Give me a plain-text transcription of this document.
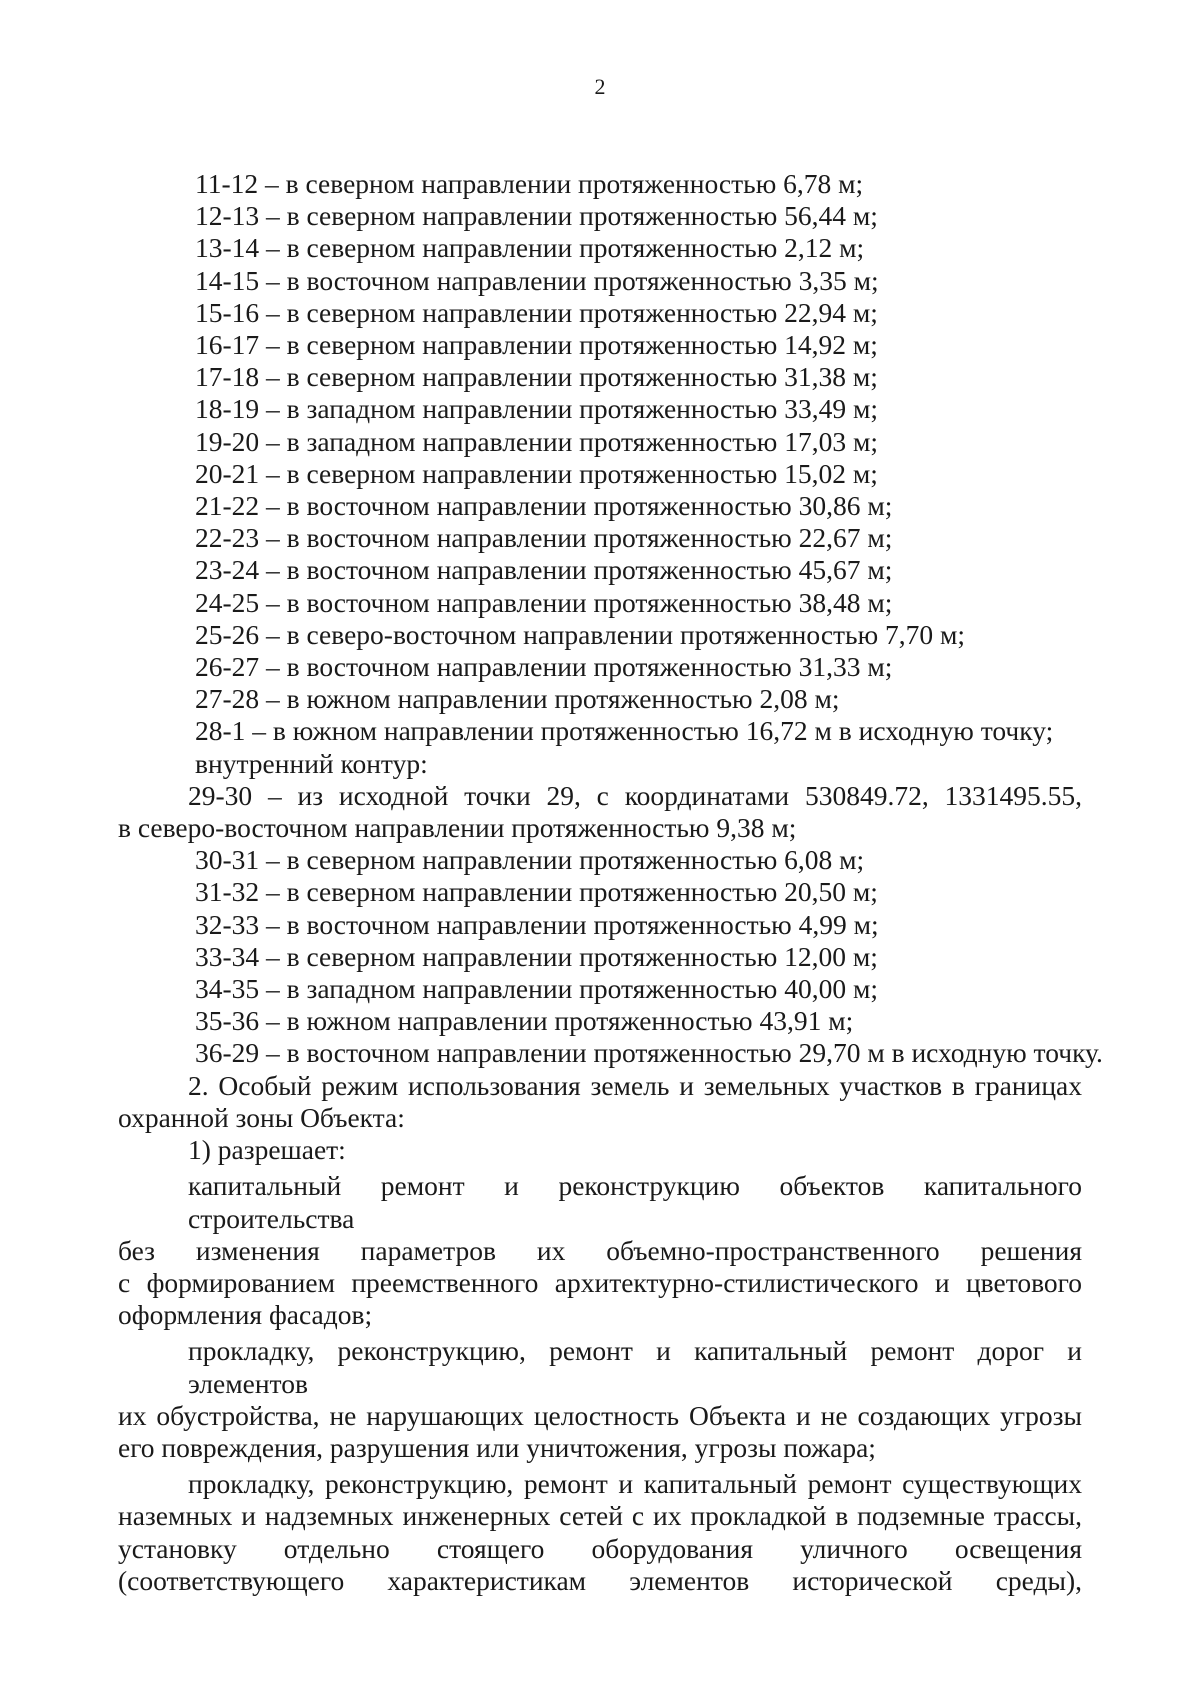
2
11-12 – в северном направлении протяженностью 6,78 м;
12-13 – в северном направлении протяженностью 56,44 м;
13-14 – в северном направлении протяженностью 2,12 м;
14-15 – в восточном направлении протяженностью 3,35 м;
15-16 – в северном направлении протяженностью 22,94 м;
16-17 – в северном направлении протяженностью 14,92 м;
17-18 – в северном направлении протяженностью 31,38 м;
18-19 – в западном направлении протяженностью 33,49 м;
19-20 – в западном направлении протяженностью 17,03 м;
20-21 – в северном направлении протяженностью 15,02 м;
21-22 – в восточном направлении протяженностью 30,86 м;
22-23 – в восточном направлении протяженностью 22,67 м;
23-24 – в восточном направлении протяженностью 45,67 м;
24-25 – в восточном направлении протяженностью 38,48 м;
25-26 – в северо-восточном направлении протяженностью 7,70 м;
26-27 – в восточном направлении протяженностью 31,33 м;
27-28 – в южном направлении протяженностью 2,08 м;
28-1 – в южном направлении протяженностью 16,72 м в исходную точку;
внутренний контур:
29-30 – из исходной точки 29, с координатами 530849.72, 1331495.55,
в северо-восточном направлении протяженностью 9,38 м;
30-31 – в северном направлении протяженностью 6,08 м;
31-32 – в северном направлении протяженностью 20,50 м;
32-33 – в восточном направлении протяженностью 4,99 м;
33-34 – в северном направлении протяженностью 12,00 м;
34-35 – в западном направлении протяженностью 40,00 м;
35-36 – в южном направлении протяженностью 43,91 м;
36-29 – в восточном направлении протяженностью 29,70 м в исходную точку.
2. Особый режим использования земель и земельных участков в границах
охранной зоны Объекта:
1) разрешает:
капитальный ремонт и реконструкцию объектов капитального строительства
без изменения параметров их объемно-пространственного решения
с формированием преемственного архитектурно-стилистического и цветового
оформления фасадов;
прокладку, реконструкцию, ремонт и капитальный ремонт дорог и элементов
их обустройства, не нарушающих целостность Объекта и не создающих угрозы
его повреждения, разрушения или уничтожения, угрозы пожара;
прокладку, реконструкцию, ремонт и капитальный ремонт существующих
наземных и надземных инженерных сетей с их прокладкой в подземные трассы,
установку отдельно стоящего оборудования уличного освещения
(соответствующего характеристикам элементов исторической среды),
